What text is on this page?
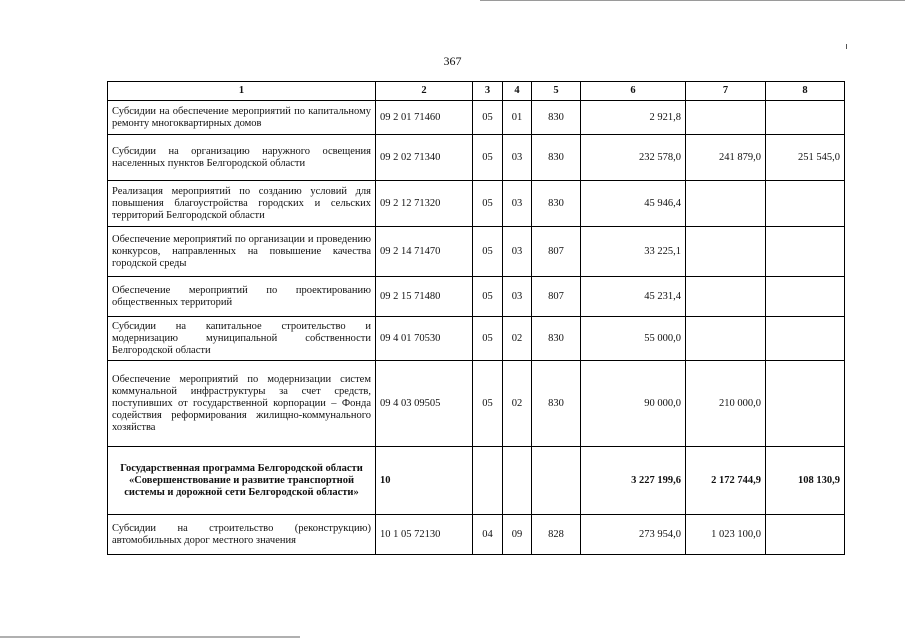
367
1	2	3	4	5	6	7	8
Субсидии на обеспечение мероприятий по капитальному ремонту многоквартирных домов	09 2 01 71460	05	01	830	2 921,8		
Субсидии на организацию наружного освещения населенных пунктов Белгородской области	09 2 02 71340	05	03	830	232 578,0	241 879,0	251 545,0
Реализация мероприятий по созданию условий для повышения благоустройства городских и сельских территорий Белгородской области	09 2 12 71320	05	03	830	45 946,4		
Обеспечение мероприятий по организации и проведению конкурсов, направленных на повышение качества городской среды	09 2 14 71470	05	03	807	33 225,1		
Обеспечение мероприятий по проектированию общественных территорий	09 2 15 71480	05	03	807	45 231,4		
Субсидии на капитальное строительство и модернизацию муниципальной собственности Белгородской области	09 4 01 70530	05	02	830	55 000,0		
Обеспечение мероприятий по модернизации систем коммунальной инфраструктуры за счет средств, поступивших от государственной корпорации – Фонда содействия реформирования жилищно-коммунального хозяйства	09 4 03 09505	05	02	830	90 000,0	210 000,0	
Государственная программа Белгородской области «Совершенствование и развитие транспортной системы и дорожной сети Белгородской области»	10				3 227 199,6	2 172 744,9	108 130,9
Субсидии на строительство (реконструкцию) автомобильных дорог местного значения	10 1 05 72130	04	09	828	273 954,0	1 023 100,0	
